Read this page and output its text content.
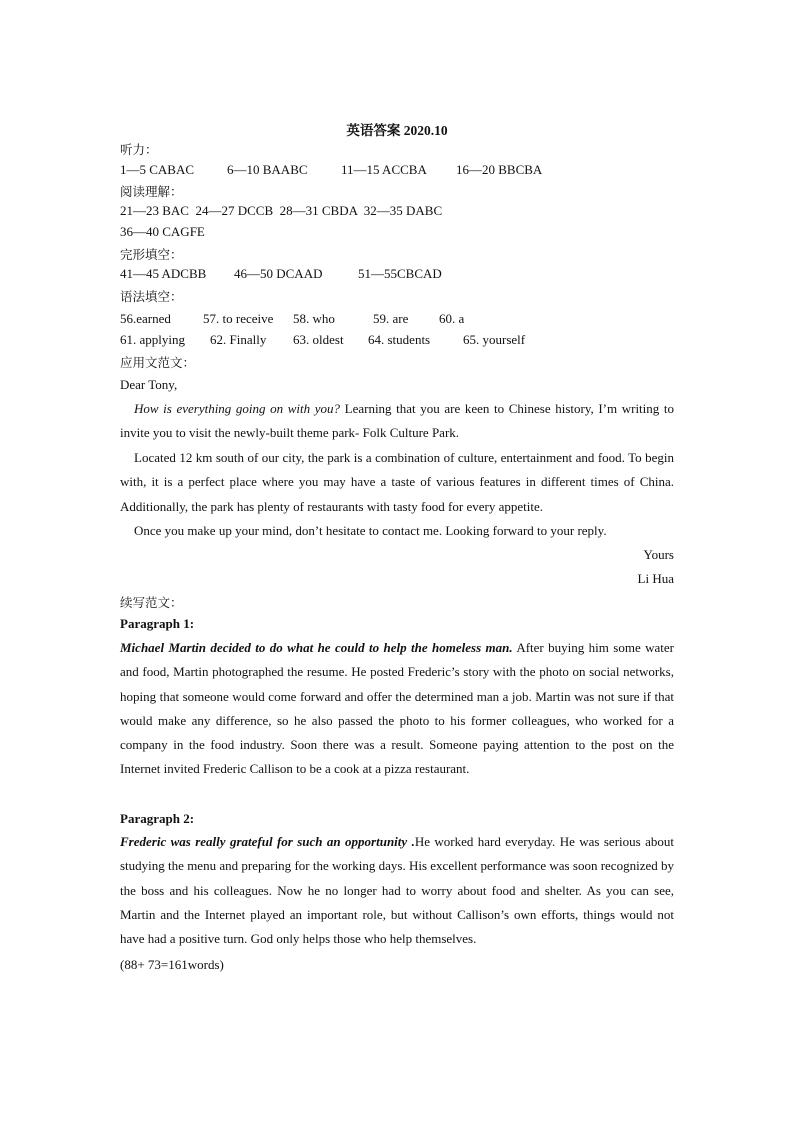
英语答案 2020.10
听力：
1—5 CABAC	6—10 BAABC	11—15 ACCBA 16—20 BBCBA
阅读理解：
21—23 BAC  24—27 DCCB  28—31 CBDA  32—35 DABC
36—40 CAGFE
完形填空：
41—45 ADCBB 46—50 DCAAD	51—55CBCAD
语法填空：
56.earned 57. to receive 58. who	59. are 60. a
61. applying 62. Finally 63. oldest 64. students	65. yourself
应用文范文：
Dear Tony,

How is everything going on with you? Learning that you are keen to Chinese history, I’m writing to invite you to visit the newly-built theme park- Folk Culture Park.

Located 12 km south of our city, the park is a combination of culture, entertainment and food. To begin with, it is a perfect place where you may have a taste of various features in different times of China. Additionally, the park has plenty of restaurants with tasty food for every appetite.

Once you make up your mind, don’t hesitate to contact me. Looking forward to your reply.

Yours
Li Hua
续写范文：
Paragraph 1:

Michael Martin decided to do what he could to help the homeless man. After buying him some water and food, Martin photographed the resume. He posted Frederic’s story with the photo on social networks, hoping that someone would come forward and offer the determined man a job. Martin was not sure if that would make any difference, so he also passed the photo to his former colleagues, who worked for a company in the food industry. Soon there was a result. Someone paying attention to the post on the Internet invited Frederic Callison to be a cook at a pizza restaurant.

Paragraph 2:

Frederic was really grateful for such an opportunity .He worked hard everyday. He was serious about studying the menu and preparing for the working days. His excellent performance was soon recognized by the boss and his colleagues. Now he no longer had to worry about food and shelter. As you can see, Martin and the Internet played an important role, but without Callison’s own efforts, things would not have had a positive turn. God only helps those who help themselves.

(88+ 73=161words)
